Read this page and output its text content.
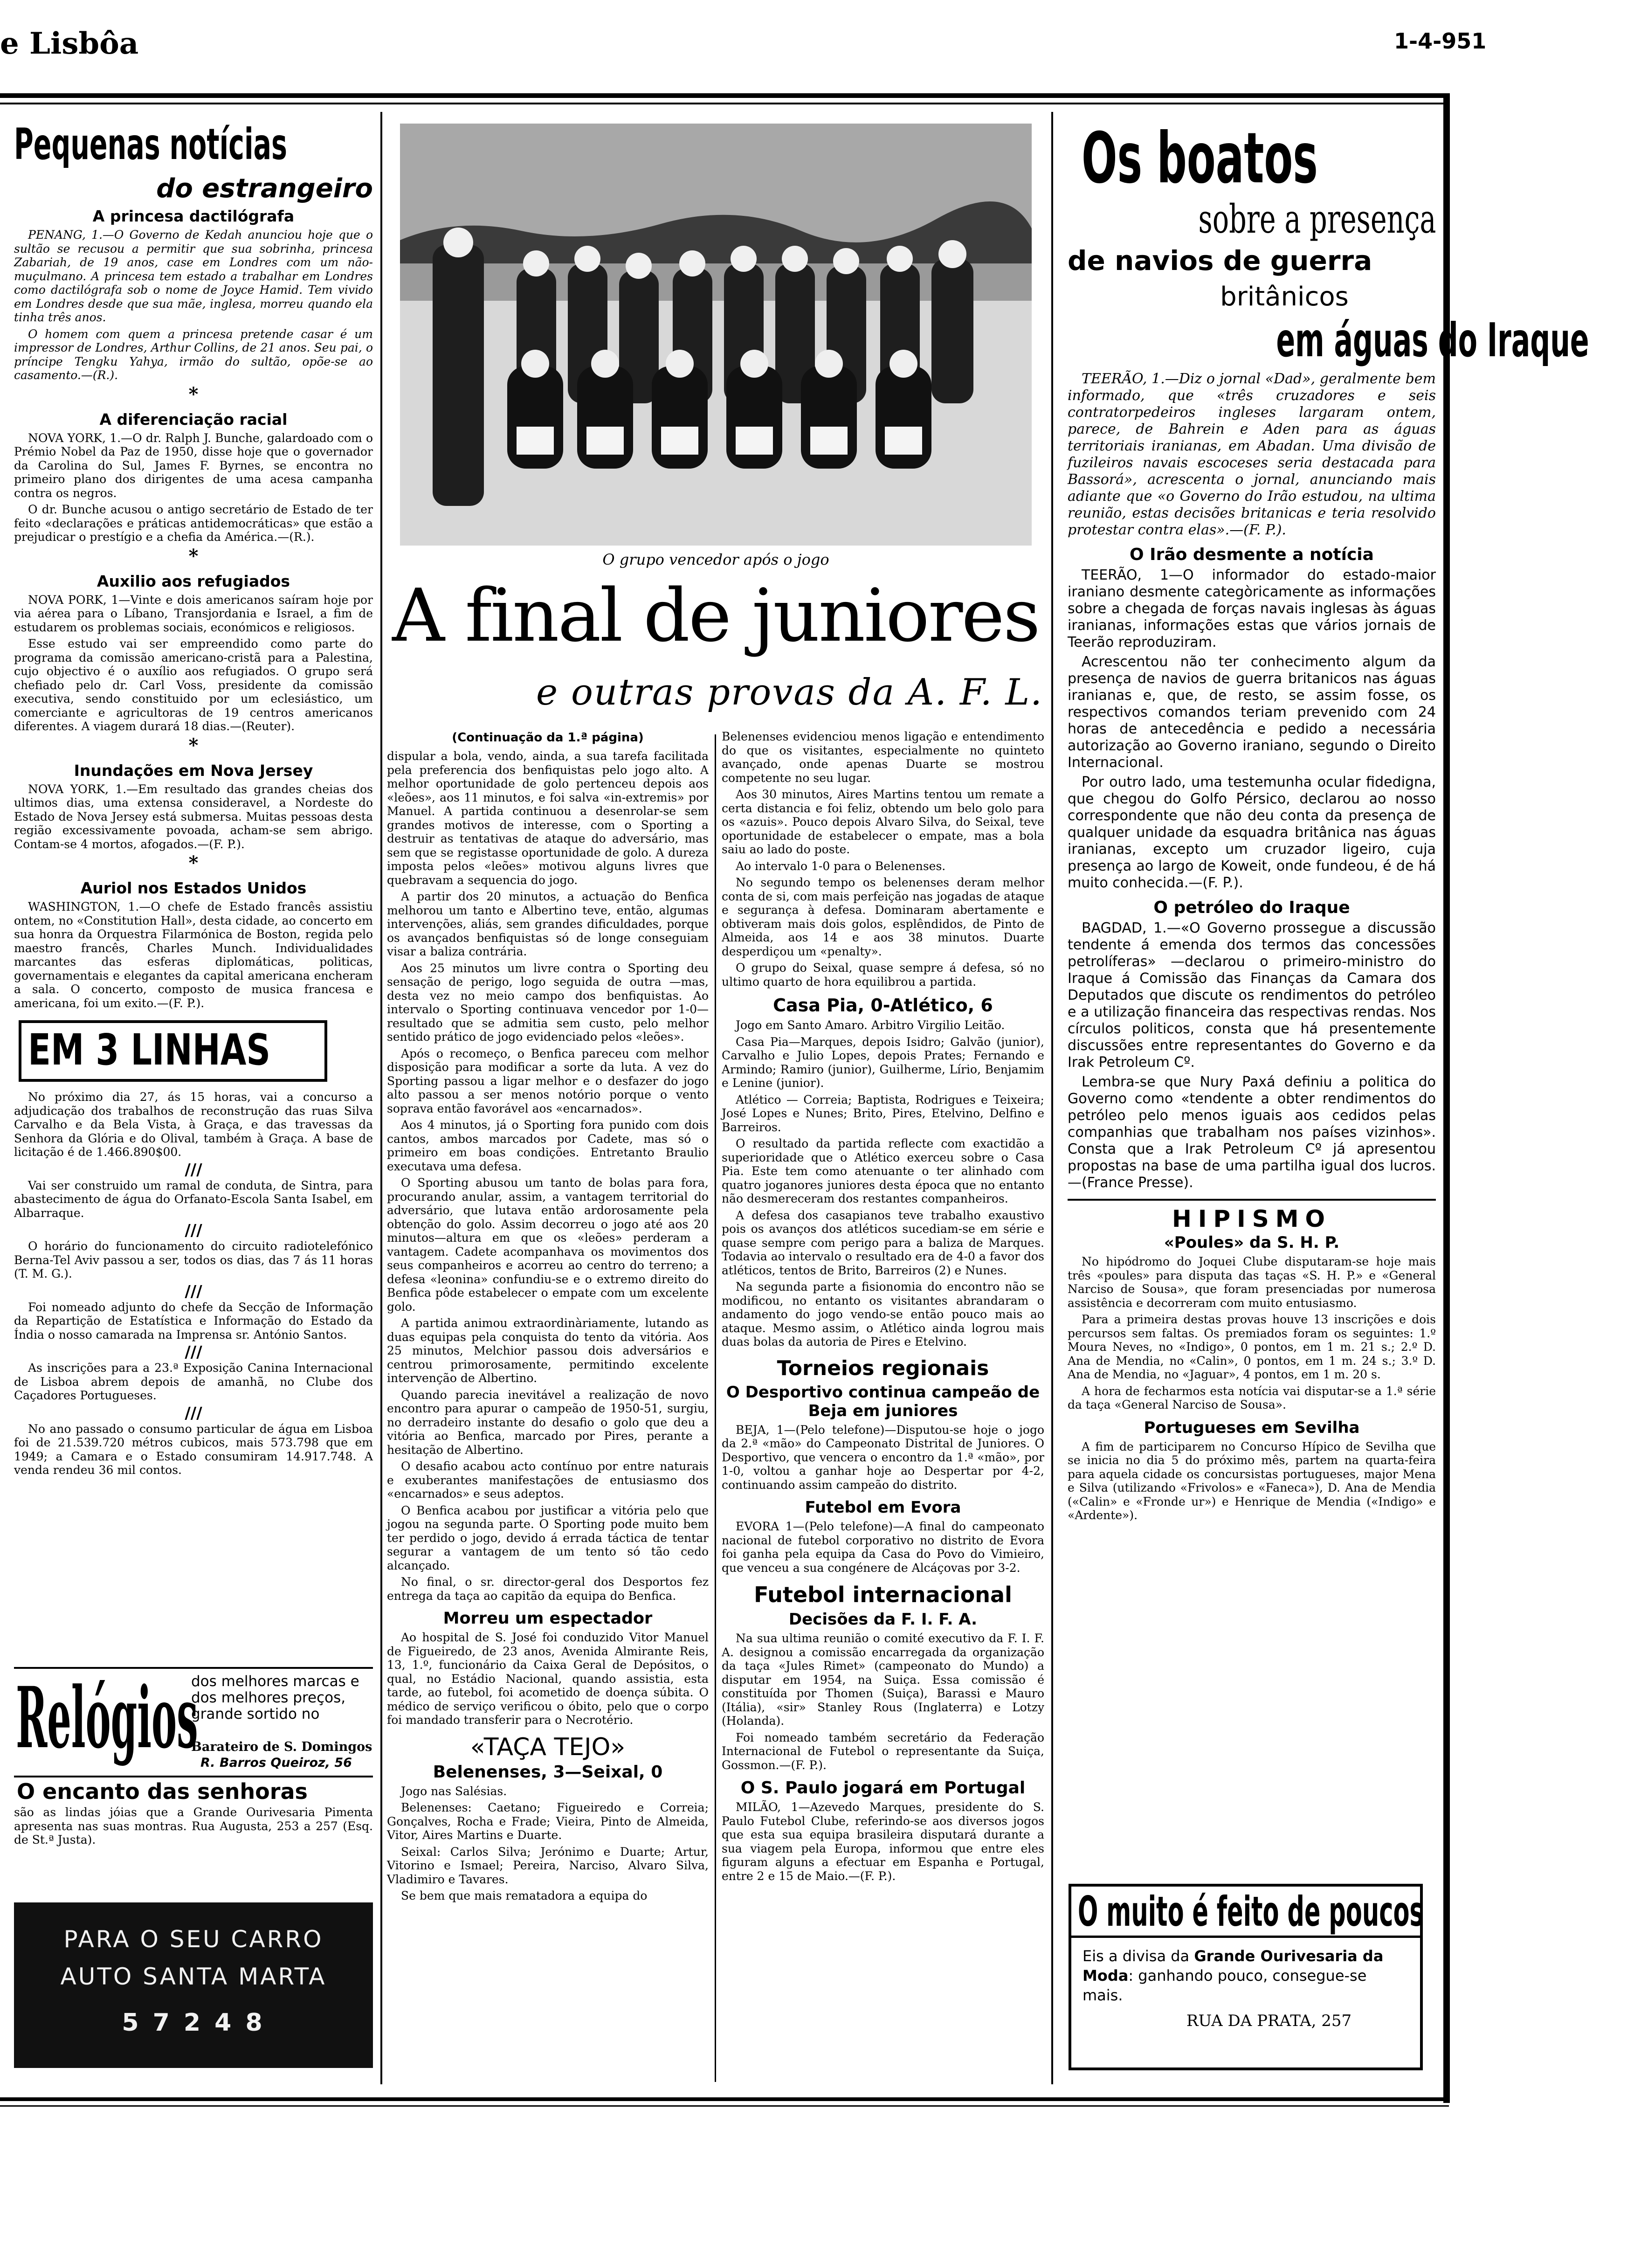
e Lisbôa	1-4-951
Pequenas notícias
do estrangeiro
A princesa dactilógrafa

PENANG, 1.—O Governo de Kedah anunciou hoje que o sultão se recusou a permitir que sua sobrinha, princesa Zabariah, de 19 anos, case em Londres com um não-muçulmano. A princesa tem estado a trabalhar em Londres como dactilógrafa sob o nome de Joyce Hamid. Tem vivido em Londres desde que sua mãe, inglesa, morreu quando ela tinha três anos.

O homem com quem a princesa pretende casar é um impressor de Londres, Arthur Collins, de 21 anos. Seu pai, o príncipe Tengku Yahya, irmão do sultão, opõe-se ao casamento.—(R.).

*
A diferenciação racial

NOVA YORK, 1.—O dr. Ralph J. Bunche, galardoado com o Prémio Nobel da Paz de 1950, disse hoje que o governador da Carolina do Sul, James F. Byrnes, se encontra no primeiro plano dos dirigentes de uma acesa campanha contra os negros.

O dr. Bunche acusou o antigo secretário de Estado de ter feito «declarações e práticas antidemocráticas» que estão a prejudicar o prestígio e a chefia da América.—(R.).

*
Auxilio aos refugiados

NOVA PORK, 1—Vinte e dois americanos saíram hoje por via aérea para o Líbano, Transjordania e Israel, a fim de estudarem os problemas sociais, económicos e religiosos.

Esse estudo vai ser empreendido como parte do programa da comissão americano-cristã para a Palestina, cujo objectivo é o auxílio aos refugiados. O grupo será chefiado pelo dr. Carl Voss, presidente da comissão executiva, sendo constituido por um eclesiástico, um comerciante e agricultoras de 19 centros americanos diferentes. A viagem durará 18 dias.—(Reuter).

*
Inundações em Nova Jersey

NOVA YORK, 1.—Em resultado das grandes cheias dos ultimos dias, uma extensa consideravel, a Nordeste do Estado de Nova Jersey está submersa. Muitas pessoas desta região excessivamente povoada, acham-se sem abrigo. Contam-se 4 mortos, afogados.—(F. P.).

*
Auriol nos Estados Unidos

WASHINGTON, 1.—O chefe de Estado francês assistiu ontem, no «Constitution Hall», desta cidade, ao concerto em sua honra da Orquestra Filarmónica de Boston, regida pelo maestro francês, Charles Munch. Individualidades marcantes das esferas diplomáticas, politicas, governamentais e elegantes da capital americana encheram a sala. O concerto, composto de musica francesa e americana, foi um exito.—(F. P.).

EM 3 LINHAS

No próximo dia 27, ás 15 horas, vai a concurso a adjudicação dos trabalhos de reconstrução das ruas Silva Carvalho e da Bela Vista, à Graça, e das travessas da Senhora da Glória e do Olival, também à Graça. A base de licitação é de 1.466.890$00.

///

Vai ser construido um ramal de conduta, de Sintra, para abastecimento de água do Orfanato-Escola Santa Isabel, em Albarraque.

///

O horário do funcionamento do circuito radiotelefónico Berna-Tel Aviv passou a ser, todos os dias, das 7 ás 11 horas (T. M. G.).

///

Foi nomeado adjunto do chefe da Secção de Informação da Repartição de Estatística e Informação do Estado da Índia o nosso camarada na Imprensa sr. António Santos.

///

As inscrições para a 23.ª Exposição Canina Internacional de Lisboa abrem depois de amanhã, no Clube dos Caçadores Portugueses.

///

No ano passado o consumo particular de água em Lisboa foi de 21.539.720 métros cubicos, mais 573.798 que em 1949; a Camara e o Estado consumiram 14.917.748. A venda rendeu 36 mil contos.

Relógios
dos melhores marcas e dos melhores preços, grande sortido no
Barateiro de S. Domingos
R. Barros Queiroz, 56
O encanto das senhoras

são as lindas jóias que a Grande Ourivesaria Pimenta apresenta nas suas montras. Rua Augusta, 253 a 257 (Esq. de St.ª Justa).

PARA O SEU CARRO
AUTO SANTA MARTA
5 7 2 4 8
O grupo vencedor após o jogo
A final de juniores
e outras provas da A. F. L.
(Continuação da 1.ª página)

dispular a bola, vendo, ainda, a sua tarefa facilitada pela preferencia dos benfiquistas pelo jogo alto. A melhor oportunidade de golo pertenceu depois aos «leões», aos 11 minutos, e foi salva «in-extremis» por Manuel. A partida continuou a desenrolar-se sem grandes motivos de interesse, com o Sporting a destruir as tentativas de ataque do adversário, mas sem que se registasse oportunidade de golo. A dureza imposta pelos «leões» motivou alguns livres que quebravam a sequencia do jogo.

A partir dos 20 minutos, a actuação do Benfica melhorou um tanto e Albertino teve, então, algumas intervenções, aliás, sem grandes dificuldades, porque os avançados benfiquistas só de longe conseguiam visar a baliza contrária.

Aos 25 minutos um livre contra o Sporting deu sensação de perigo, logo seguida de outra —mas, desta vez no meio campo dos benfiquistas. Ao intervalo o Sporting continuava vencedor por 1-0—resultado que se admitia sem custo, pelo melhor sentido prático de jogo evidenciado pelos «leões».

Após o recomeço, o Benfica pareceu com melhor disposição para modificar a sorte da luta. A vez do Sporting passou a ligar melhor e o desfazer do jogo alto passou a ser menos notório porque o vento soprava então favorável aos «encarnados».

Aos 4 minutos, já o Sporting fora punido com dois cantos, ambos marcados por Cadete, mas só o primeiro em boas condições. Entretanto Braulio executava uma defesa.

O Sporting abusou um tanto de bolas para fora, procurando anular, assim, a vantagem territorial do adversário, que lutava então ardorosamente pela obtenção do golo. Assim decorreu o jogo até aos 20 minutos—altura em que os «leões» perderam a vantagem. Cadete acompanhava os movimentos dos seus companheiros e acorreu ao centro do terreno; a defesa «leonina» confundiu-se e o extremo direito do Benfica pôde estabelecer o empate com um excelente golo.

A partida animou extraordinàriamente, lutando as duas equipas pela conquista do tento da vitória. Aos 25 minutos, Melchior passou dois adversários e centrou primorosamente, permitindo excelente intervenção de Albertino.

Quando parecia inevitável a realização de novo encontro para apurar o campeão de 1950-51, surgiu, no derradeiro instante do desafio o golo que deu a vitória ao Benfica, marcado por Pires, perante a hesitação de Albertino.

O desafio acabou acto contínuo por entre naturais e exuberantes manifestações de entusiasmo dos «encarnados» e seus adeptos.

O Benfica acabou por justificar a vitória pelo que jogou na segunda parte. O Sporting pode muito bem ter perdido o jogo, devido á errada táctica de tentar segurar a vantagem de um tento só tão cedo alcançado.

No final, o sr. director-geral dos Desportos fez entrega da taça ao capitão da equipa do Benfica.

Morreu um espectador

Ao hospital de S. José foi conduzido Vitor Manuel de Figueiredo, de 23 anos, Avenida Almirante Reis, 13, 1.º, funcionário da Caixa Geral de Depósitos, o qual, no Estádio Nacional, quando assistia, esta tarde, ao futebol, foi acometido de doença súbita. O médico de serviço verificou o óbito, pelo que o corpo foi mandado transferir para o Necrotério.

«TAÇA TEJO»
Belenenses, 3—Seixal, 0

Jogo nas Salésias.

Belenenses: Caetano; Figueiredo e Correia; Gonçalves, Rocha e Frade; Vieira, Pinto de Almeida, Vitor, Aires Martins e Duarte.

Seixal: Carlos Silva; Jerónimo e Duarte; Artur, Vitorino e Ismael; Pereira, Narciso, Alvaro Silva, Vladimiro e Tavares.

Se bem que mais rematadora a equipa do

Belenenses evidenciou menos ligação e entendimento do que os visitantes, especialmente no quinteto avançado, onde apenas Duarte se mostrou competente no seu lugar.

Aos 30 minutos, Aires Martins tentou um remate a certa distancia e foi feliz, obtendo um belo golo para os «azuis». Pouco depois Alvaro Silva, do Seixal, teve oportunidade de estabelecer o empate, mas a bola saiu ao lado do poste.

Ao intervalo 1-0 para o Belenenses.

No segundo tempo os belenenses deram melhor conta de si, com mais perfeição nas jogadas de ataque e segurança à defesa. Dominaram abertamente e obtiveram mais dois golos, esplêndidos, de Pinto de Almeida, aos 14 e aos 38 minutos. Duarte desperdiçou um «penalty».

O grupo do Seixal, quase sempre á defesa, só no ultimo quarto de hora equilibrou a partida.

Casa Pia, 0-Atlético, 6

Jogo em Santo Amaro. Arbitro Virgilio Leitão.

Casa Pia—Marques, depois Isidro; Galvão (junior), Carvalho e Julio Lopes, depois Prates; Fernando e Armindo; Ramiro (junior), Guilherme, Lírio, Benjamim e Lenine (junior).

Atlético — Correia; Baptista, Rodrigues e Teixeira; José Lopes e Nunes; Brito, Pires, Etelvino, Delfino e Barreiros.

O resultado da partida reflecte com exactidão a superioridade que o Atlético exerceu sobre o Casa Pia. Este tem como atenuante o ter alinhado com quatro joganores juniores desta época que no entanto não desmereceram dos restantes companheiros.

A defesa dos casapianos teve trabalho exaustivo pois os avanços dos atléticos sucediam-se em série e quase sempre com perigo para a baliza de Marques. Todavia ao intervalo o resultado era de 4-0 a favor dos atléticos, tentos de Brito, Barreiros (2) e Nunes.

Na segunda parte a fisionomia do encontro não se modificou, no entanto os visitantes abrandaram o andamento do jogo vendo-se então pouco mais ao ataque. Mesmo assim, o Atlético ainda logrou mais duas bolas da autoria de Pires e Etelvino.

Torneios regionais
O Desportivo continua campeão de Beja em juniores

BEJA, 1—(Pelo telefone)—Disputou-se hoje o jogo da 2.ª «mão» do Campeonato Distrital de Juniores. O Desportivo, que vencera o encontro da 1.ª «mão», por 1-0, voltou a ganhar hoje ao Despertar por 4-2, continuando assim campeão do distrito.

Futebol em Evora

EVORA 1—(Pelo telefone)—A final do campeonato nacional de futebol corporativo no distrito de Evora foi ganha pela equipa da Casa do Povo do Vimieiro, que venceu a sua congénere de Alcáçovas por 3-2.

Futebol internacional
Decisões da F. I. F. A.

Na sua ultima reunião o comité executivo da F. I. F. A. designou a comissão encarregada da organização da taça «Jules Rimet» (campeonato do Mundo) a disputar em 1954, na Suiça. Essa comissão é constituída por Thomen (Suiça), Barassi e Mauro (Itália), «sir» Stanley Rous (Inglaterra) e Lotzy (Holanda).

Foi nomeado também secretário da Federação Internacional de Futebol o representante da Suiça, Gossmon.—(F. P.).

O S. Paulo jogará em Portugal

MILÃO, 1—Azevedo Marques, presidente do S. Paulo Futebol Clube, referindo-se aos diversos jogos que esta sua equipa brasileira disputará durante a sua viagem pela Europa, informou que entre eles figuram alguns a efectuar em Espanha e Portugal, entre 2 e 15 de Maio.—(F. P.).

Os boatos
sobre a presença
de navios de guerra
britânicos
em águas do Iraque

TEERÃO, 1.—Diz o jornal «Dad», geralmente bem informado, que «três cruzadores e seis contratorpedeiros ingleses largaram ontem, parece, de Bahrein e Aden para as águas territoriais iranianas, em Abadan. Uma divisão de fuzileiros navais escoceses seria destacada para Bassorá», acrescenta o jornal, anunciando mais adiante que «o Governo do Irão estudou, na ultima reunião, estas decisões britanicas e teria resolvido protestar contra elas».—(F. P.).

O Irão desmente a notícia

TEERÃO, 1—O informador do estado-maior iraniano desmente categòricamente as informações sobre a chegada de forças navais inglesas às águas iranianas, informações estas que vários jornais de Teerão reproduziram.

Acrescentou não ter conhecimento algum da presença de navios de guerra britanicos nas águas iranianas e, que, de resto, se assim fosse, os respectivos comandos teriam prevenido com 24 horas de antecedência e pedido a necessária autorização ao Governo iraniano, segundo o Direito Internacional.

Por outro lado, uma testemunha ocular fidedigna, que chegou do Golfo Pérsico, declarou ao nosso correspondente que não deu conta da presença de qualquer unidade da esquadra britânica nas águas iranianas, excepto um cruzador ligeiro, cuja presença ao largo de Koweit, onde fundeou, é de há muito conhecida.—(F. P.).

O petróleo do Iraque

BAGDAD, 1.—«O Governo prossegue a discussão tendente á emenda dos termos das concessões petrolíferas» —declarou o primeiro-ministro do Iraque á Comissão das Finanças da Camara dos Deputados que discute os rendimentos do petróleo e a utilização financeira das respectivas rendas. Nos círculos politicos, consta que há presentemente discussões entre representantes do Governo e da Irak Petroleum Cº.

Lembra-se que Nury Paxá definiu a politica do Governo como «tendente a obter rendimentos do petróleo pelo menos iguais aos cedidos pelas companhias que trabalham nos países vizinhos». Consta que a Irak Petroleum Cº já apresentou propostas na base de uma partilha igual dos lucros.—(France Presse).

HIPISMO
«Poules» da S. H. P.

No hipódromo do Joquei Clube disputaram-se hoje mais três «poules» para disputa das taças «S. H. P.» e «General Narciso de Sousa», que foram presenciadas por numerosa assistência e decorreram com muito entusiasmo.

Para a primeira destas provas houve 13 inscrições e dois percursos sem faltas. Os premiados foram os seguintes: 1.º Moura Neves, no «Indigo», 0 pontos, em 1 m. 21 s.; 2.º D. Ana de Mendia, no «Calin», 0 pontos, em 1 m. 24 s.; 3.º D. Ana de Mendia, no «Jaguar», 4 pontos, em 1 m. 20 s.

A hora de fecharmos esta notícia vai disputar-se a 1.ª série da taça «General Narciso de Sousa».

Portugueses em Sevilha

A fim de participarem no Concurso Hípico de Sevilha que se inicia no dia 5 do próximo mês, partem na quarta-feira para aquela cidade os concursistas portugueses, major Mena e Silva (utilizando «Frivolos» e «Faneca»), D. Ana de Mendia («Calin» e «Fronde ur») e Henrique de Mendia («Indigo» e «Ardente»).

O muito é feito de poucos
Eis a divisa da Grande Ourivesaria da Moda: ganhando pouco, consegue-se mais.
RUA DA PRATA, 257
